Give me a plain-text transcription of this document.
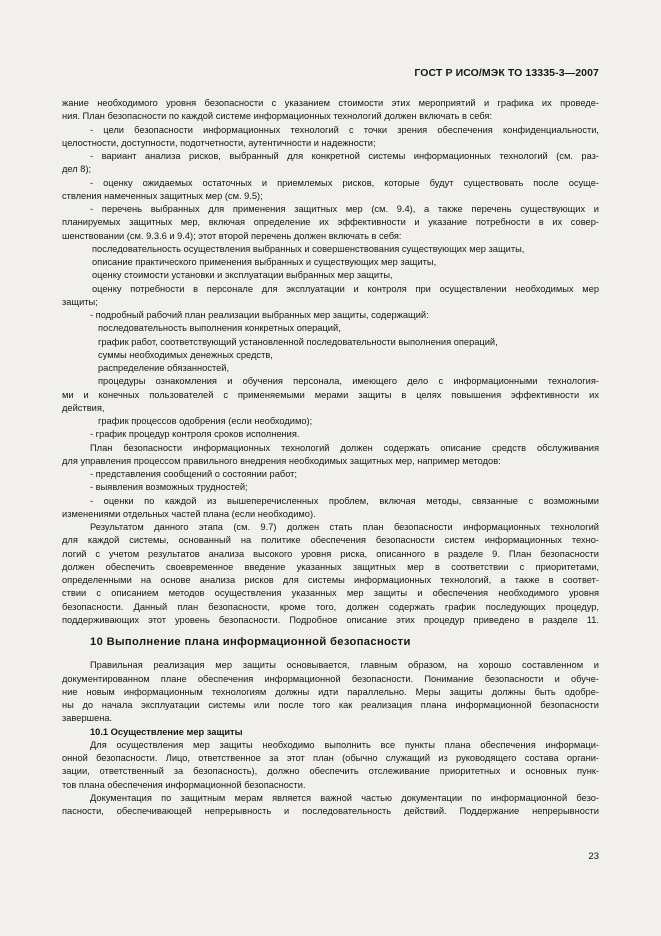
ГОСТ Р ИСО/МЭК ТО 13335-3—2007
жание необходимого уровня безопасности с указанием стоимости этих мероприятий и графика их проведе-
ния. План безопасности по каждой системе информационных технологий должен включать в себя:
- цели безопасности информационных технологий с точки зрения обеспечения конфиденциальности,
целостности, доступности, подотчетности, аутентичности и надежности;
- вариант анализа рисков, выбранный для конкретной системы информационных технологий (см. раз-
дел 8);
- оценку ожидаемых остаточных и приемлемых рисков, которые будут существовать после осуще-
ствления намеченных защитных мер (см. 9.5);
- перечень выбранных для применения защитных мер (см. 9.4), а также перечень существующих и
планируемых защитных мер, включая определение их эффективности и указание потребности в их совер-
шенствовании (см. 9.3.6 и 9.4); этот второй перечень должен включать в себя:
последовательность осуществления выбранных и совершенствования существующих мер защиты,
описание практического применения выбранных и существующих мер защиты,
оценку стоимости установки и эксплуатации выбранных мер защиты,
оценку потребности в персонале для эксплуатации и контроля при осуществлении необходимых мер
защиты;
- подробный рабочий план реализации выбранных мер защиты, содержащий:
последовательность выполнения конкретных операций,
график работ, соответствующий установленной последовательности выполнения операций,
суммы необходимых денежных средств,
распределение обязанностей,
процедуры ознакомления и обучения персонала, имеющего дело с информационными технология-
ми и конечных пользователей с применяемыми мерами защиты в целях повышения эффективности их
действия,
график процессов одобрения (если необходимо);
- график процедур контроля сроков исполнения.
План безопасности информационных технологий должен содержать описание средств обслуживания
для управления процессом правильного внедрения необходимых защитных мер, например методов:
- представления сообщений о состоянии работ;
- выявления возможных трудностей;
- оценки по каждой из вышеперечисленных проблем, включая методы, связанные с возможными
изменениями отдельных частей плана (если необходимо).
Результатом данного этапа (см. 9.7) должен стать план безопасности информационных технологий
для каждой системы, основанный на политике обеспечения безопасности систем информационных техно-
логий с учетом результатов анализа высокого уровня риска, описанного в разделе 9. План безопасности
должен обеспечить своевременное введение указанных защитных мер в соответствии с приоритетами,
определенными на основе анализа рисков для системы информационных технологий, а также в соответ-
ствии с описанием методов осуществления указанных мер защиты и обеспечения необходимого уровня
безопасности. Данный план безопасности, кроме того, должен содержать график последующих процедур,
поддерживающих этот уровень безопасности. Подробное описание этих процедур приведено в разделе 11.
10 Выполнение плана информационной безопасности
Правильная реализация мер защиты основывается, главным образом, на хорошо составленном и
документированном плане обеспечения информационной безопасности. Понимание безопасности и обуче-
ние новым информационным технологиям должны идти параллельно. Меры защиты должны быть одобре-
ны до начала эксплуатации системы или после того как реализация плана информационной безопасности
завершена.
10.1 Осуществление мер защиты
Для осуществления мер защиты необходимо выполнить все пункты плана обеспечения информаци-
онной безопасности. Лицо, ответственное за этот план (обычно служащий из руководящего состава органи-
зации, ответственный за безопасность), должно обеспечить отслеживание приоритетных и основных пунк-
тов плана обеспечения информационной безопасности.
Документация по защитным мерам является важной частью документации по информационной безо-
пасности, обеспечивающей непрерывность и последовательность действий. Поддержание непрерывности
23
